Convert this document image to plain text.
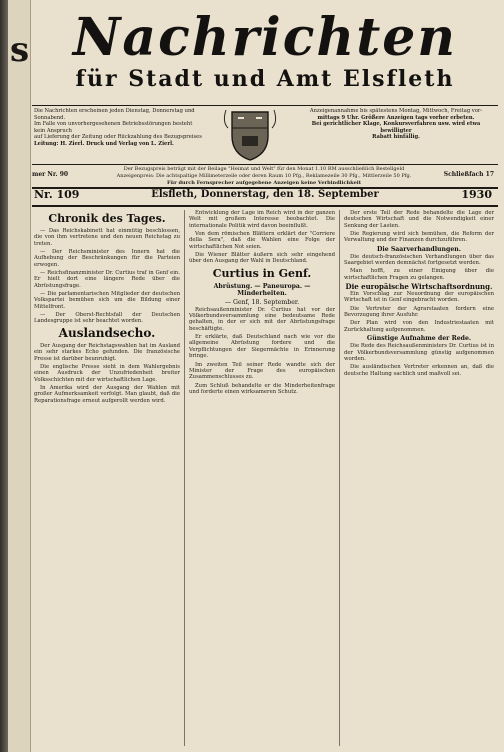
s Nachrichten
für Stadt und Amt Elsfleth
Die Nachrichten erscheinen jeden Dienstag, Donnerstag und Sonnabend.
Im Falle von unvorhergesehenen Betriebsstörungen besteht kein Anspruch
auf Lieferung der Zeitung oder Rückzahlung des Bezugspreises
Leitung: H. Zierl. Druck und Verlag von L. Zierl.
Anzeigenannahme bis spätestens Montag, Mittwoch, Freitag vor-
mittags 9 Uhr. Größere Anzeigen tags vorher erbeten.
Bei gerichtlicher Klage, Konkursverfahren usw. wird etwa bewilligter
Rabatt hinfällig.
mer Nr. 90	Schließfach 17
Der Bezugspreis beträgt mit der Beilage "Heimat und Welt" für den Monat 1.10 RM ausschließlich Bestellgeld
Anzeigenpreis: Die achtspaltige Millimeterzeile oder deren Raum 10 Pfg., Reklamezeile 30 Pfg., Mittlerzeile 50 Pfg.
Für durch Fernsprecher aufgegebene Anzeigen keine Verbindlichkeit
Nr. 109	Elsfleth, Donnerstag, den 18. September	1930
Chronik des Tages.

— Das Reichskabinett hat einmütig beschlossen, die von ihm vertretene und den neuen Reichstag zu treten.

— Der Reichsminister des Innern hat die Aufhebung der Beschränkungen für die Parteien erwogen.

— Reichsfinanzminister Dr. Curtius traf in Genf ein. Er hielt dort eine längere Rede über die Abrüstungsfrage.

— Die parlamentarischen Mitglieder der deutschen Volkspartei bemühen sich um die Bildung einer Mittelfront.

— Der Oberst-Rechtsfall der Deutschen Landesgruppe ist sehr beachtet worden.

Auslandsecho.

Der Ausgang der Reichstagswahlen hat im Ausland ein sehr starkes Echo gefunden. Die französische Presse ist darüber beunruhigt.

Die englische Presse sieht in dem Wahlergebnis einen Ausdruck der Unzufriedenheit breiter Volksschichten mit der wirtschaftlichen Lage.

In Amerika wird der Ausgang der Wahlen mit großer Aufmerksamkeit verfolgt. Man glaubt, daß die Reparationsfrage erneut aufgerollt werden wird.

Entwicklung der Lage im Reich wird in der ganzen Welt mit großem Interesse beobachtet. Die internationale Politik wird davon beeinflußt.

Von dem römischen Blättern erklärt der "Corriere della Sera", daß die Wahlen eine Folge der wirtschaftlichen Not seien.

Die Wiener Blätter äußern sich sehr eingehend über den Ausgang der Wahl in Deutschland.

Curtius in Genf.
Abrüstung. — Paneuropa. — Minderheiten.
— Genf, 18. September.

Reichsaußenminister Dr. Curtius hat vor der Völkerbundsversammlung eine bedeutsame Rede gehalten, in der er sich mit der Abrüstungsfrage beschäftigte.

Er erklärte, daß Deutschland nach wie vor die allgemeine Abrüstung fordere und die Verpflichtungen der Siegermächte in Erinnerung bringe.

Im zweiten Teil seiner Rede wandte sich der Minister der Frage des europäischen Zusammenschlusses zu.

Zum Schluß behandelte er die Minderheitenfrage und forderte einen wirksameren Schutz.

Der erste Teil der Rede behandelte die Lage der deutschen Wirtschaft und die Notwendigkeit einer Senkung der Lasten.

Die Regierung wird sich bemühen, die Reform der Verwaltung und der Finanzen durchzuführen.

Die Saarverhandlungen.

Die deutsch-französischen Verhandlungen über das Saargebiet werden demnächst fortgesetzt werden.

Man hofft, zu einer Einigung über die wirtschaftlichen Fragen zu gelangen.

Die europäische Wirtschaftsordnung.

Ein Vorschlag zur Neuordnung der europäischen Wirtschaft ist in Genf eingebracht worden.

Die Vertreter der Agrarstaaten fordern eine Bevorzugung ihrer Ausfuhr.

Der Plan wird von den Industriestaaten mit Zurückhaltung aufgenommen.

Günstige Aufnahme der Rede.

Die Rede des Reichsaußenministers Dr. Curtius ist in der Völkerbundsversammlung günstig aufgenommen worden.

Die ausländischen Vertreter erkennen an, daß die deutsche Haltung sachlich und maßvoll sei.
